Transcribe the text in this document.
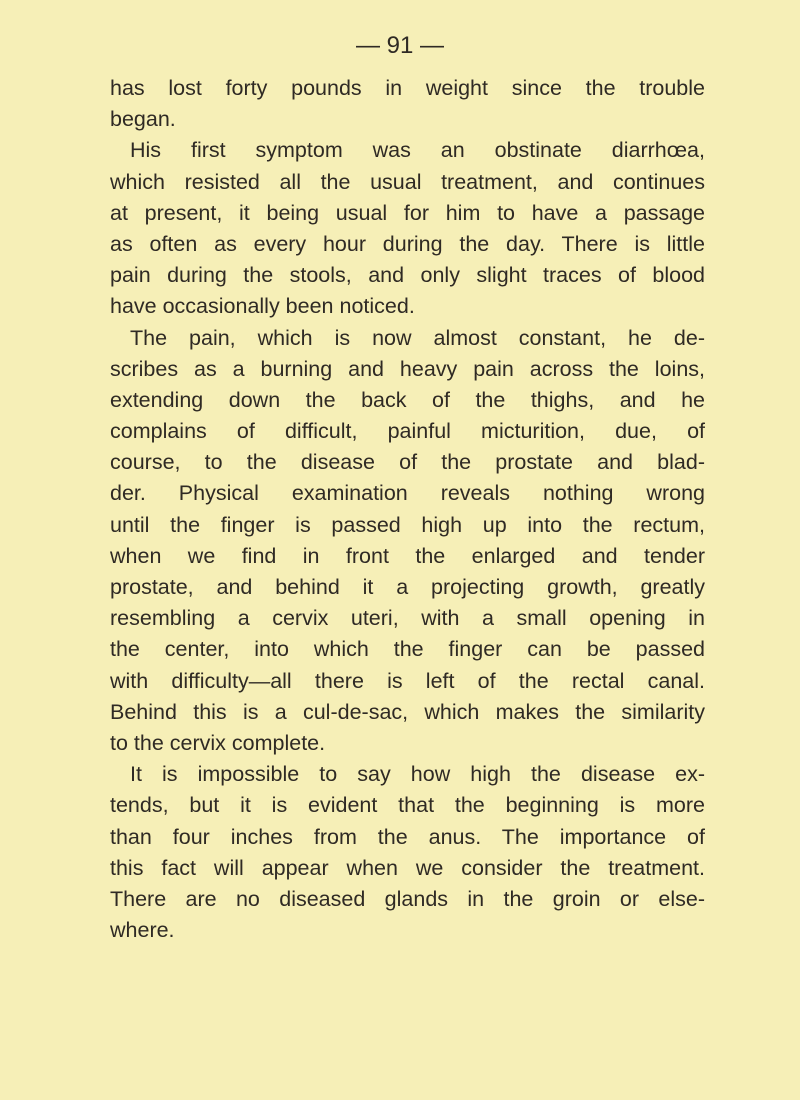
— 91 —
has lost forty pounds in weight since the trouble
began.
His first symptom was an obstinate diarrhœa,
which resisted all the usual treatment, and continues
at present, it being usual for him to have a passage
as often as every hour during the day. There is little
pain during the stools, and only slight traces of blood
have occasionally been noticed.
The pain, which is now almost constant, he de-
scribes as a burning and heavy pain across the loins,
extending down the back of the thighs, and he
complains of difficult, painful micturition, due, of
course, to the disease of the prostate and blad-
der. Physical examination reveals nothing wrong
until the finger is passed high up into the rectum,
when we find in front the enlarged and tender
prostate, and behind it a projecting growth, greatly
resembling a cervix uteri, with a small opening in
the center, into which the finger can be passed
with difficulty—all there is left of the rectal canal.
Behind this is a cul-de-sac, which makes the similarity
to the cervix complete.
It is impossible to say how high the disease ex-
tends, but it is evident that the beginning is more
than four inches from the anus. The importance of
this fact will appear when we consider the treatment.
There are no diseased glands in the groin or else-
where.
